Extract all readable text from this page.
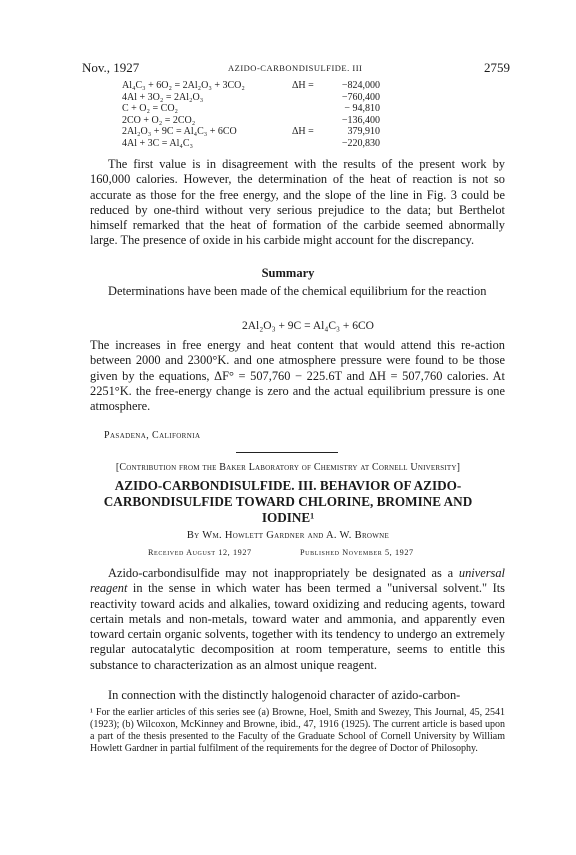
Nov., 1927	AZIDO-CARBONDISULFIDE. III	2759
Al₄C₃ + 6O₂ = 2Al₂O₃ + 3CO₂	ΔH =	−824,000
4Al + 3O₂ = 2Al₂O₃		−760,400
C + O₂ = CO₂		− 94,810
2CO + O₂ = 2CO₂		−136,400
2Al₂O₃ + 9C = Al₄C₃ + 6CO	ΔH =	379,910
4Al + 3C = Al₄C₃		−220,830
The first value is in disagreement with the results of the present work by 160,000 calories. However, the determination of the heat of reaction is not so accurate as those for the free energy, and the slope of the line in Fig. 3 could be reduced by one-third without very serious prejudice to the data; but Berthelot himself remarked that the heat of formation of the carbide seemed abnormally large. The presence of oxide in his carbide might account for the discrepancy.
Summary
Determinations have been made of the chemical equilibrium for the reaction
2Al₂O₃ + 9C = Al₄C₃ + 6CO
The increases in free energy and heat content that would attend this re-action between 2000 and 2300°K. and one atmosphere pressure were found to be those given by the equations, ΔF° = 507,760 − 225.6T and ΔH = 507,760 calories. At 2251°K. the free-energy change is zero and the actual equilibrium pressure is one atmosphere.
Pasadena, California
[Contribution from the Baker Laboratory of Chemistry at Cornell University]
AZIDO-CARBONDISULFIDE. III. BEHAVIOR OF AZIDO-
CARBONDISULFIDE TOWARD CHLORINE, BROMINE AND
IODINE¹
By Wm. Howlett Gardner and A. W. Browne
Received August 12, 1927	Published November 5, 1927
Azido-carbondisulfide may not inappropriately be designated as a universal reagent in the sense in which water has been termed a "universal solvent." Its reactivity toward acids and alkalies, toward oxidizing and reducing agents, toward certain metals and non-metals, toward water and ammonia, and apparently even toward certain organic solvents, together with its tendency to undergo an extremely regular autocatalytic decomposition at room temperature, seems to entitle this substance to characterization as an almost unique reagent.
In connection with the distinctly halogenoid character of azido-carbon-
¹ For the earlier articles of this series see (a) Browne, Hoel, Smith and Swezey, This Journal, 45, 2541 (1923); (b) Wilcoxon, McKinney and Browne, ibid., 47, 1916 (1925). The current article is based upon a part of the thesis presented to the Faculty of the Graduate School of Cornell University by William Howlett Gardner in partial fulfilment of the requirements for the degree of Doctor of Philosophy.
